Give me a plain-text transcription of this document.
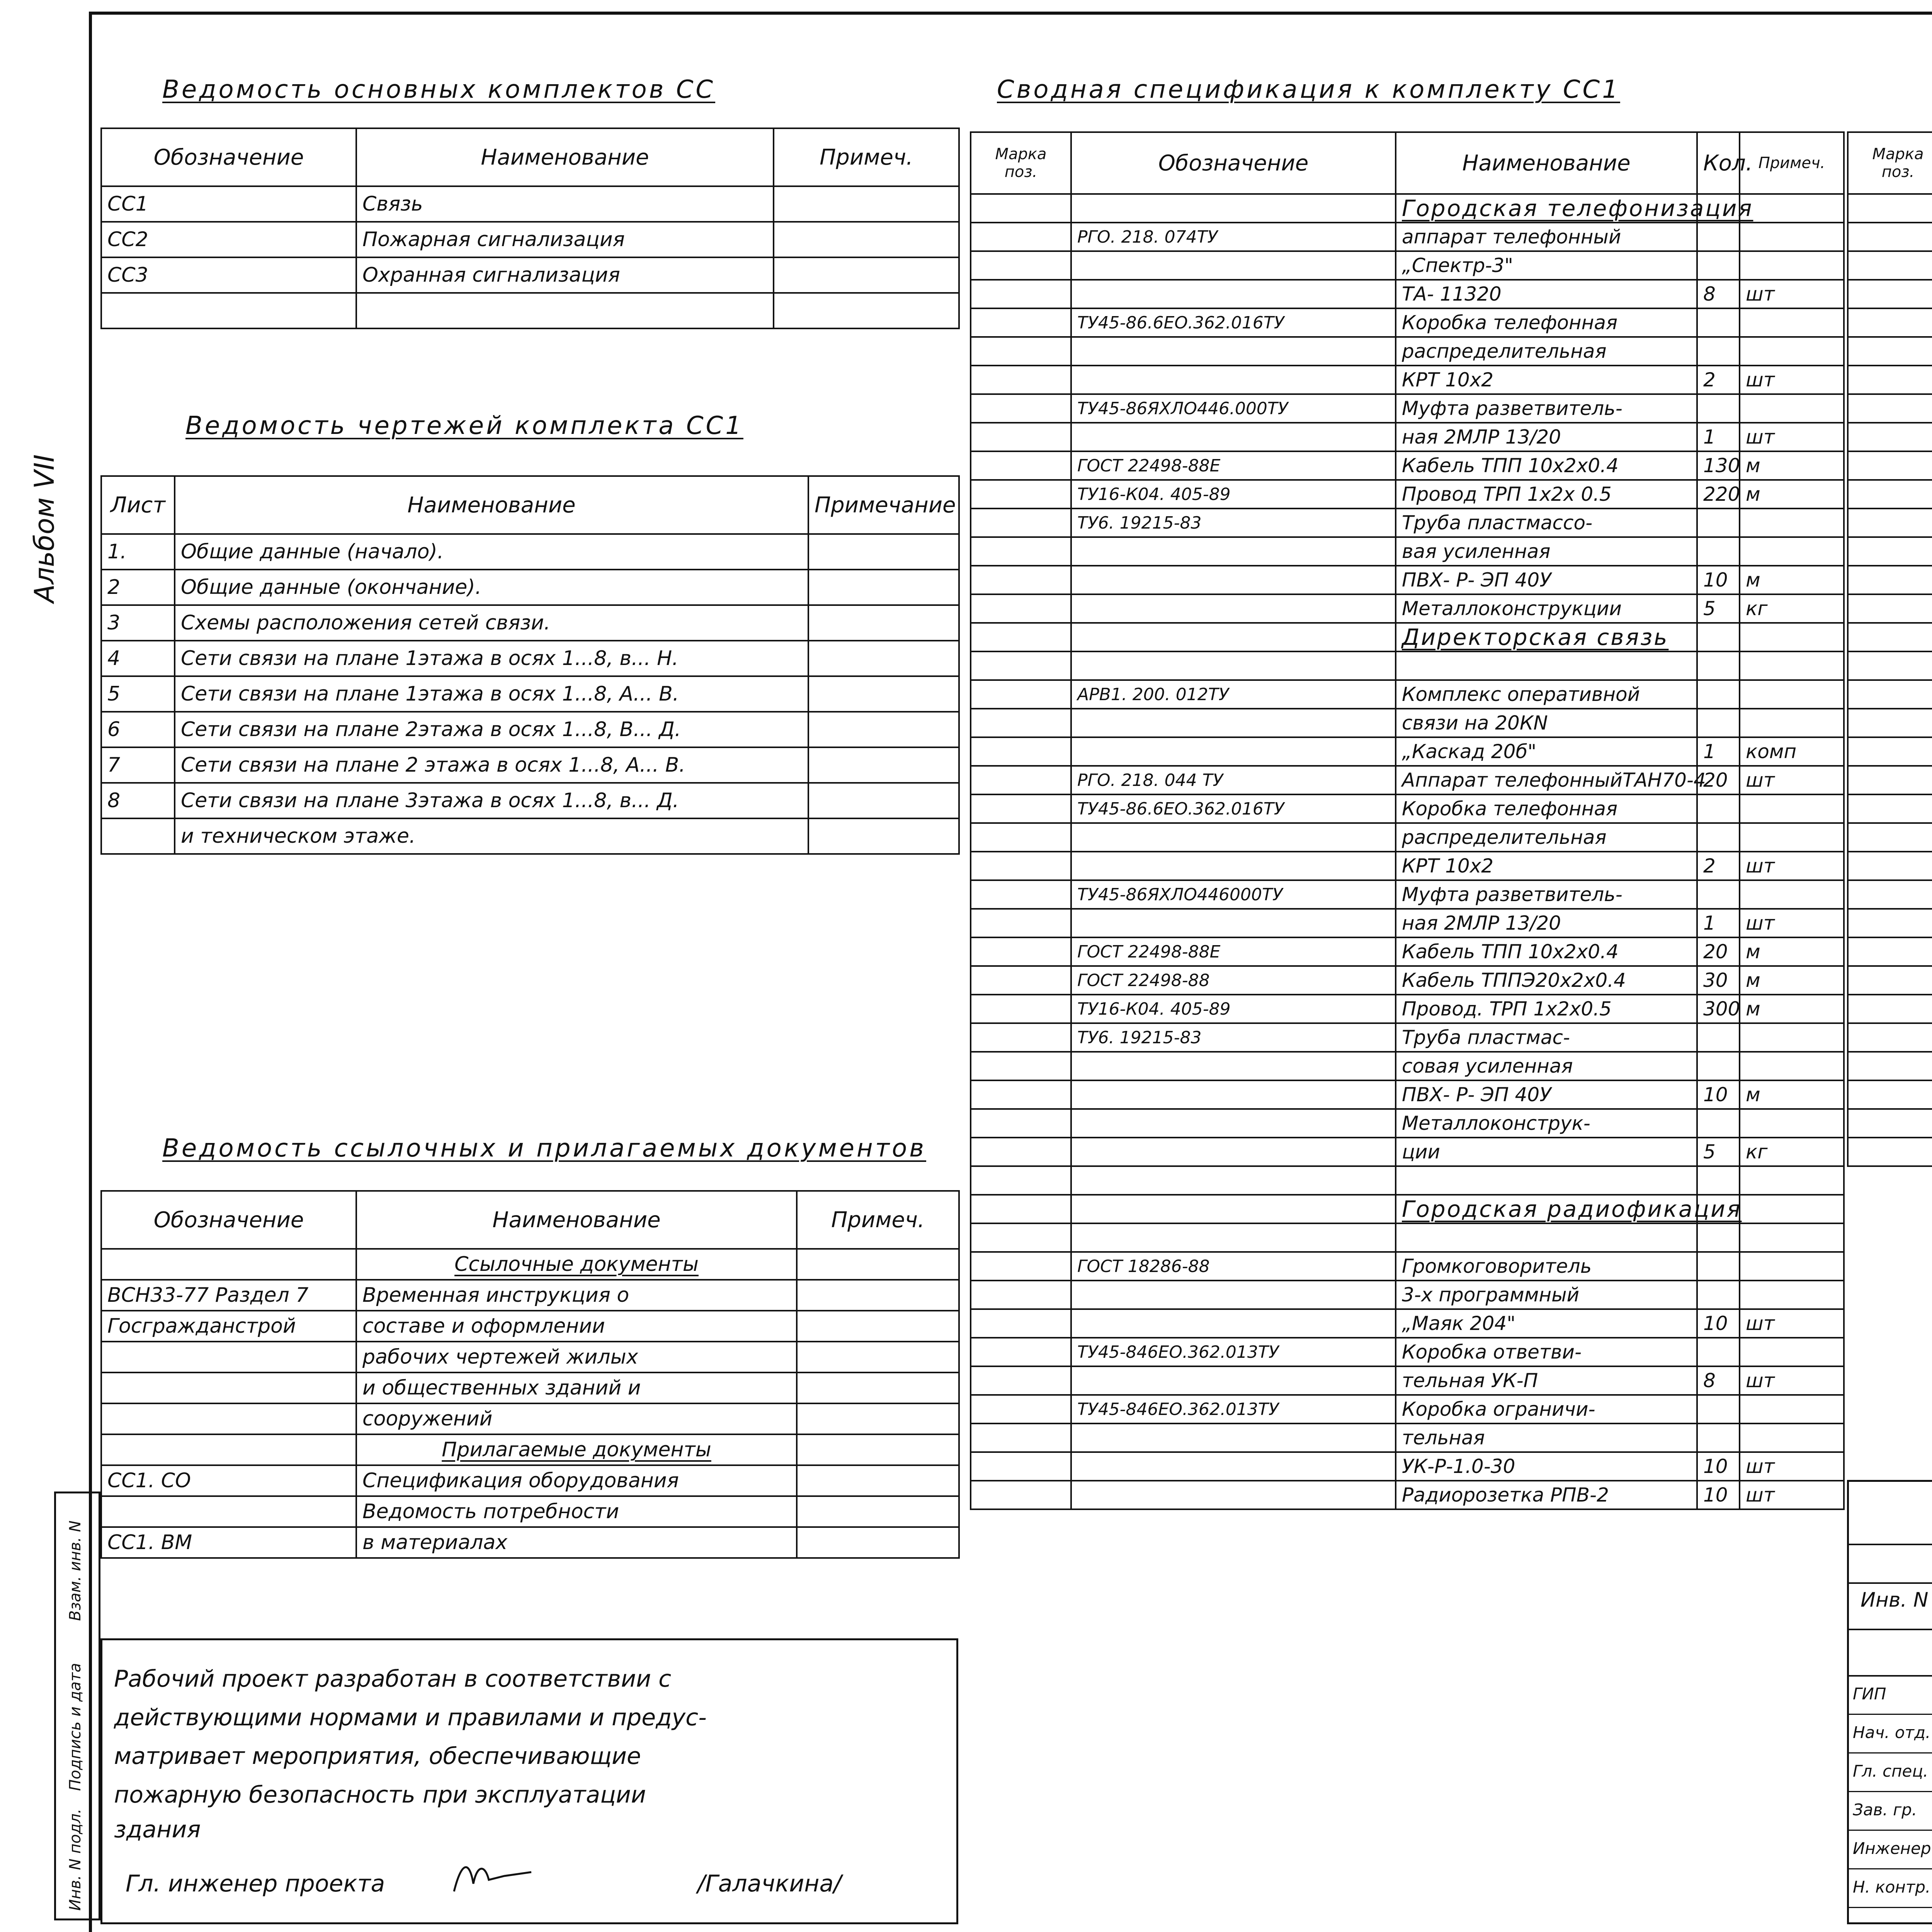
Альбом VII
Ведомость основных комплектов СС
Обозначение	Наименование	Примеч.
СС1	Связь	
СС2	Пожарная сигнализация	
СС3	Охранная сигнализация	

Ведомость чертежей комплекта СС1
Лист	Наименование	Примечание
1.	Общие данные (начало).	
2	Общие данные (окончание).	
3	Схемы расположения сетей связи.	
4	Сети связи на плане 1этажа в осях 1...8, в... Н.	
5	Сети связи на плане 1этажа в осях 1...8, А... В.	
6	Сети связи на плане 2этажа в осях 1...8, В... Д.	
7	Сети связи на плане 2 этажа в осях 1...8, А... В.	
8	Сети связи на плане 3этажа в осях 1...8, в... Д.	
	и техническом этаже.	
Ведомость ссылочных и прилагаемых документов
Обозначение	Наименование	Примеч.
	Ссылочные документы	
ВСН33-77 Раздел 7	Временная инструкция о	
Госгражданстрой	составе и оформлении	
	рабочих чертежей жилых	
	и общественных зданий и	
	сооружений	
	Прилагаемые документы	
СС1. СО	Спецификация оборудования	
	Ведомость потребности	
СС1. ВМ	в материалах	
Инв. N подл.
Подпись и дата
Взам. инв. N
Рабочий проект разработан в соответствии с
действующими нормами и правилами и предус-
матривает мероприятия, обеспечивающие
пожарную безопасность при эксплуатации
здания
Гл. инженер проекта	/Галачкина/
Сводная спецификация к комплекту СС1
Марка поз.	Обозначение	Наименование	Кол.	Примеч.
		Городская телефонизация		
	РГО. 218. 074ТУ	аппарат телефонный		
		„Спектр-3"		
		ТА- 11320	8	шт
	ТУ45-86.6ЕО.362.016ТУ	Коробка телефонная		
		распределительная		
		КРТ 10х2	2	шт
	ТУ45-86ЯХЛО446.000ТУ	Муфта разветвитель-		
		ная 2МЛР 13/20	1	шт
	ГОСТ 22498-88Е	Кабель ТПП 10х2х0.4	130	м
	ТУ16-К04. 405-89	Провод ТРП 1х2х 0.5	220	м
	ТУ6. 19215-83	Труба пластмассо-		
		вая усиленная		
		ПВХ- Р- ЭП 40У	10	м
		Металлоконструкции	5	кг
		Директорская связь		

	АРВ1. 200. 012ТУ	Комплекс оперативной		
		связи на 20КN		
		„Каскад 20б"	1	комп
	РГО. 218. 044 ТУ	Аппарат телефонныйТАН70-4	20	шт
	ТУ45-86.6ЕО.362.016ТУ	Коробка телефонная		
		распределительная		
		КРТ 10х2	2	шт
	ТУ45-86ЯХЛО446000ТУ	Муфта разветвитель-		
		ная 2МЛР 13/20	1	шт
	ГОСТ 22498-88Е	Кабель ТПП 10х2х0.4	20	м
	ГОСТ 22498-88	Кабель ТППЭ20х2х0.4	30	м
	ТУ16-К04. 405-89	Провод. ТРП 1х2х0.5	300	м
	ТУ6. 19215-83	Труба пластмас-		
		совая усиленная		
		ПВХ- Р- ЭП 40У	10	м
		Металлоконструк-		
		ции	5	кг

		Городская радиофикация		

	ГОСТ 18286-88	Громкоговоритель		
		3-х программный		
		„Маяк 204"	10	шт
	ТУ45-846ЕО.362.013ТУ	Коробка ответви-		
		тельная УК-П	8	шт
	ТУ45-846ЕО.362.013ТУ	Коробка ограничи-		
		тельная		
		УК-Р-1.0-30	10	шт
		Радиорозетка РПВ-2	10	шт
Марка поз.				

Инв. N
ГИП
Нач. отд.
Гл. спец.
Зав. гр.
Инженер
Н. контр.
